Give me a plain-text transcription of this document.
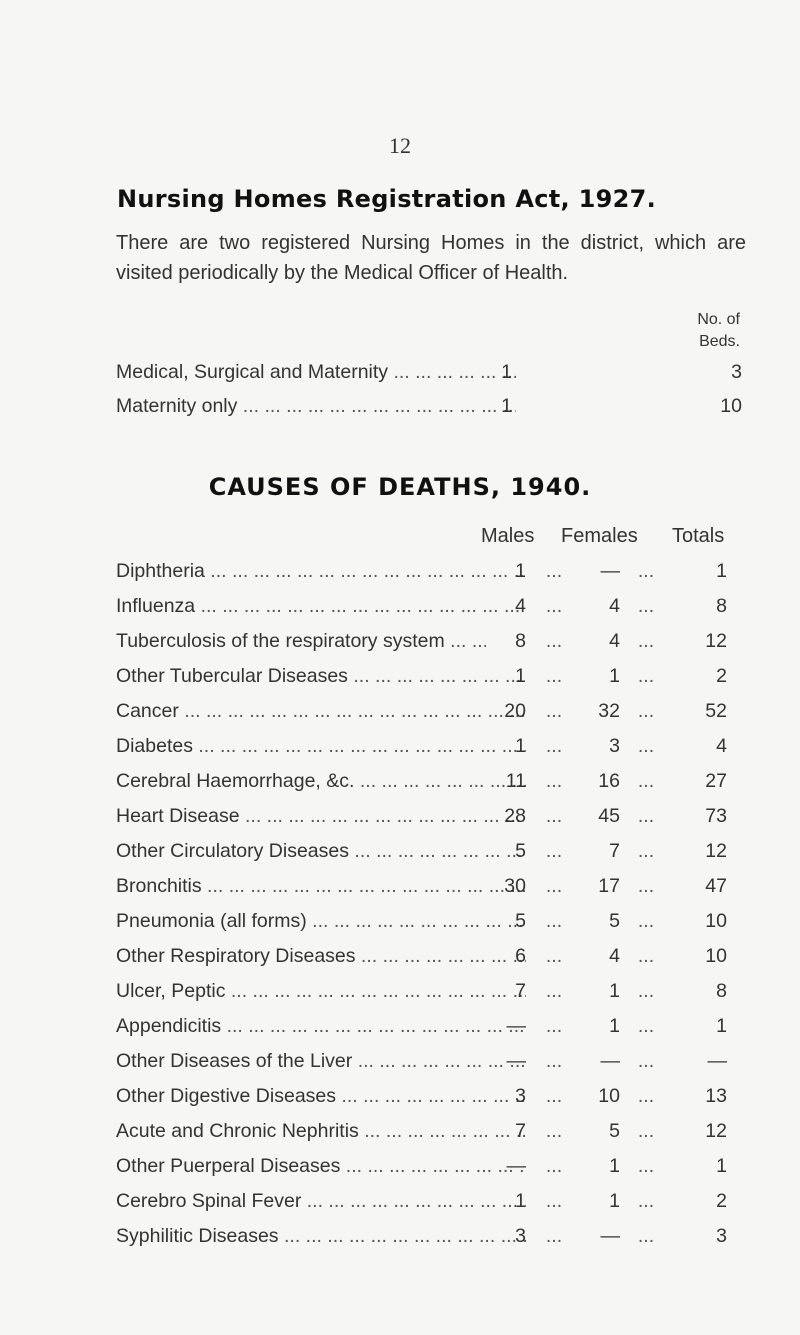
12
Nursing Homes Registration Act, 1927.
There are two registered Nursing Homes in the district, which are visited periodically by the Medical Officer of Health.
No. of
Beds.
Medical, Surgical and Maternity ... .	1	3
Maternity only ... .	1	10
CAUSES OF DEATHS, 1940.
Males Females Totals
Diphtheria ... .	1	...	— ...	1
Influenza ... .	4	...	4 ...	8
Tuberculosis of the respiratory system ... .	8	...	4 ...	12
Other Tubercular Diseases ... .	1	...	1 ...	2
Cancer ... .	20	...	32 ...	52
Diabetes ... .	1	...	3 ...	4
Cerebral Haemorrhage, &c. ... .	11	...	16 ...	27
Heart Disease ... .	28	...	45 ...	73
Other Circulatory Diseases ... .	5	...	7 ...	12
Bronchitis ... .	30	...	17 ...	47
Pneumonia (all forms) ... .	5	...	5 ...	10
Other Respiratory Diseases ... .	6	...	4 ...	10
Ulcer, Peptic ... .	7	...	1 ...	8
Appendicitis ... .	—	...	1 ...	1
Other Diseases of the Liver ... .	—	...	— ...	—
Other Digestive Diseases ... .	3	...	10 ...	13
Acute and Chronic Nephritis ... .	7	...	5 ...	12
Other Puerperal Diseases ... .	—	...	1 ...	1
Cerebro Spinal Fever ... .	1	...	1 ...	2
Syphilitic Diseases ... .	3	...	— ...	3
